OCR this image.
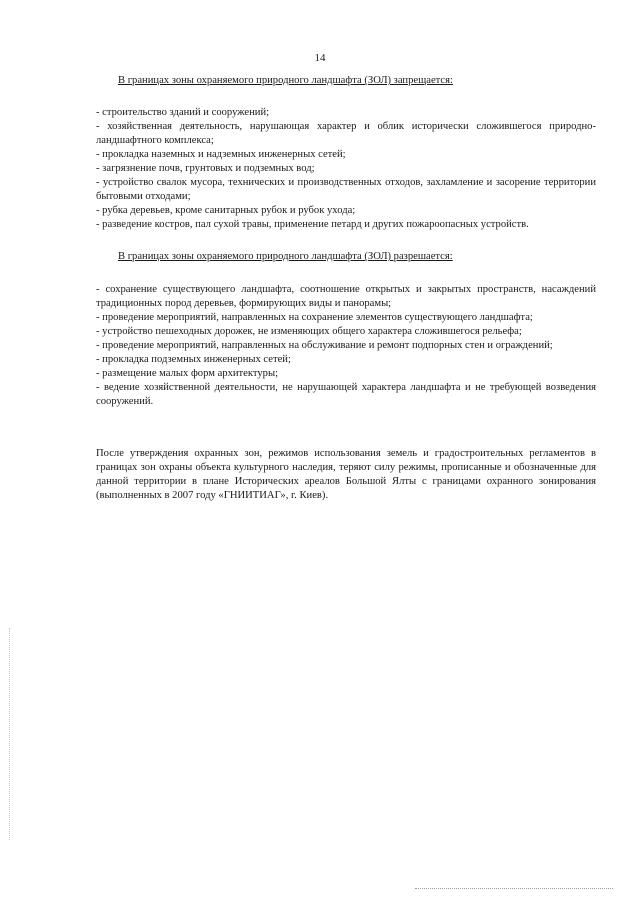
14

В границах зоны охраняемого природного ландшафта (ЗОЛ) запрещается:

- строительство зданий и сооружений;
- хозяйственная деятельность, нарушающая характер и облик исторически сложившегося природно-ландшафтного комплекса;
- прокладка наземных и надземных инженерных сетей;
- загрязнение почв, грунтовых и подземных вод;
- устройство свалок мусора, технических и производственных отходов, захламление и засорение территории бытовыми отходами;
- рубка деревьев, кроме санитарных рубок и рубок ухода;
- разведение костров, пал сухой травы, применение петард и других пожароопасных устройств.

В границах зоны охраняемого природного ландшафта (ЗОЛ) разрешается:

- сохранение существующего ландшафта, соотношение открытых и закрытых пространств, насаждений традиционных пород деревьев, формирующих виды и панорамы;
- проведение мероприятий, направленных на сохранение элементов существующего ландшафта;
- устройство пешеходных дорожек, не изменяющих общего характера сложившегося рельефа;
- проведение мероприятий, направленных на обслуживание и ремонт подпорных стен и ограждений;
- прокладка подземных инженерных сетей;
- размещение малых форм архитектуры;
- ведение хозяйственной деятельности, не нарушающей характера ландшафта и не требующей возведения сооружений.

После утверждения охранных зон, режимов использования земель и градостроительных регламентов в границах зон охраны объекта культурного наследия, теряют силу режимы, прописанные и обозначенные для данной территории в плане Исторических ареалов Большой Ялты с границами охранного зонирования (выполненных в 2007 году «ГНИИТИАГ», г. Киев).
